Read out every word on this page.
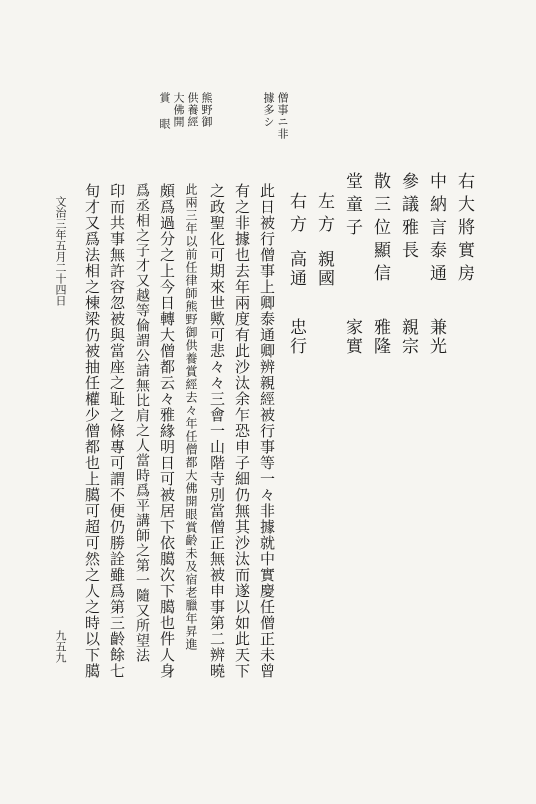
右大將實房
中納言泰通
兼光
參議雅長
親宗
散三位顯信
雅隆
堂童子
家實
左方
親國
忠行
右方
高通
僧事ニ非
據多シ
熊野御
供養經
大佛開
賞 眼
此日被行僧事上卿泰通卿辨親經被行事等一々非據就中實慶任僧正未曾
有之非據也去年兩度有此沙汰余乍恐申子細仍無其沙汰而遂以如此天下
之政聖化可期來世歟可悲々々三會一山階寺別當僧正無被申事第二辨曉
此兩三年以前任律師熊野御供養賞經去々年任僧都大佛開眼賞齡未及宿老臘年昇進
頗爲過分之上今日轉大僧都云々雅緣明日可被居下依臈次下臈也件人身
爲丞相之子才又越等倫謂公請無比肩之人當時爲平講師之第一隨又所望法
印而共事無許容忽被與當座之耻之條專可謂不便仍勝詮雖爲第三齡餘七
旬才又爲法相之棟梁仍被抽任權少僧都也上臈可超可然之人之時以下臈
文治三年五月二十四日
九五九
